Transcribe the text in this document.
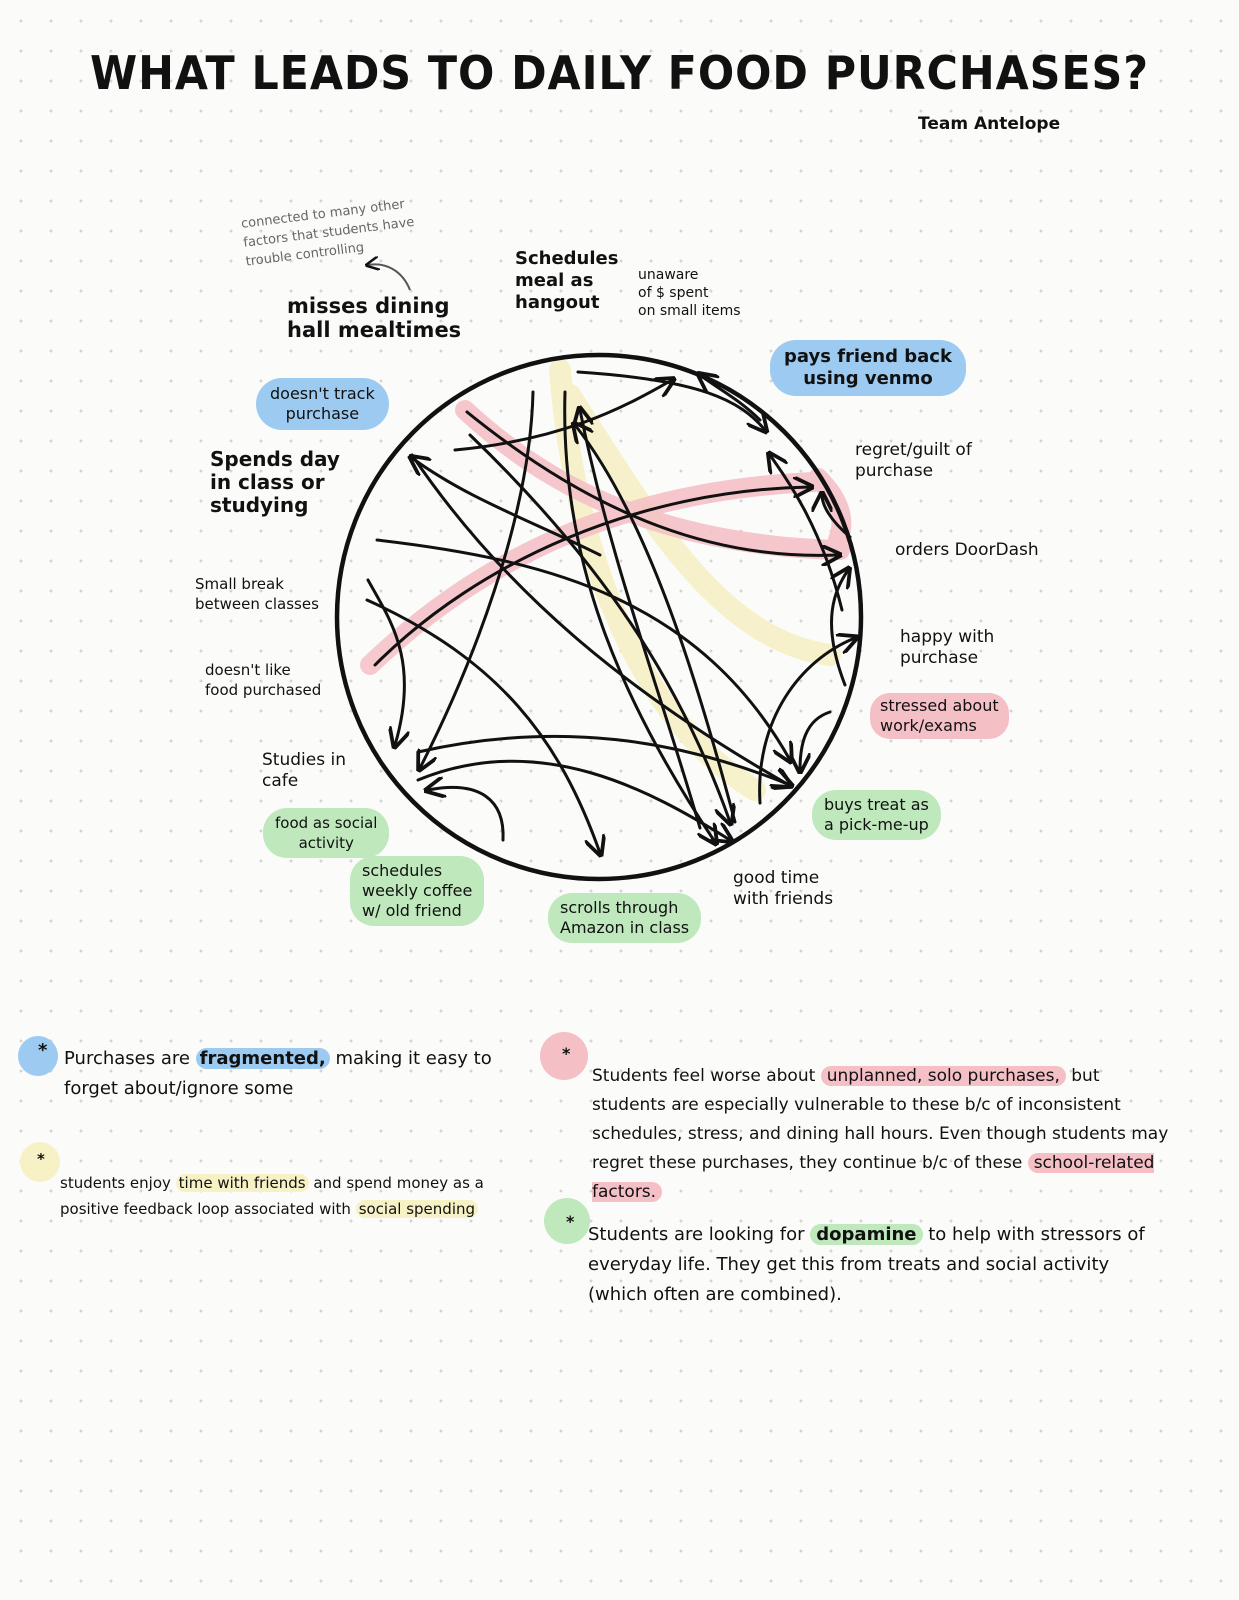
WHAT LEADS TO DAILY FOOD PURCHASES?
Team Antelope
connected to many other factors that students have trouble controlling
misses dining
hall mealtimes
Schedules
meal as
hangout
unaware
of $ spent
on small items
pays friend back
using venmo
regret/guilt of
purchase
orders DoorDash
happy with
purchase
stressed about
work/exams
buys treat as
a pick-me-up
good time
with friends
scrolls through
Amazon in class
schedules
weekly coffee
w/ old friend
food as social
activity
Studies in
cafe
doesn't like
food purchased
Small break
between classes
Spends day
in class or
studying
doesn't track
purchase
* Purchases are fragmented, making it easy to forget about/ignore some
*
students enjoy time with friends and spend money as a positive feedback loop associated with social spending
*
Students feel worse about unplanned, solo purchases, but students are especially vulnerable to these b/c of inconsistent schedules, stress, and dining hall hours. Even though students may regret these purchases, they continue b/c of these school-related factors.
*
Students are looking for dopamine to help with stressors of everyday life. They get this from treats and social activity (which often are combined).
